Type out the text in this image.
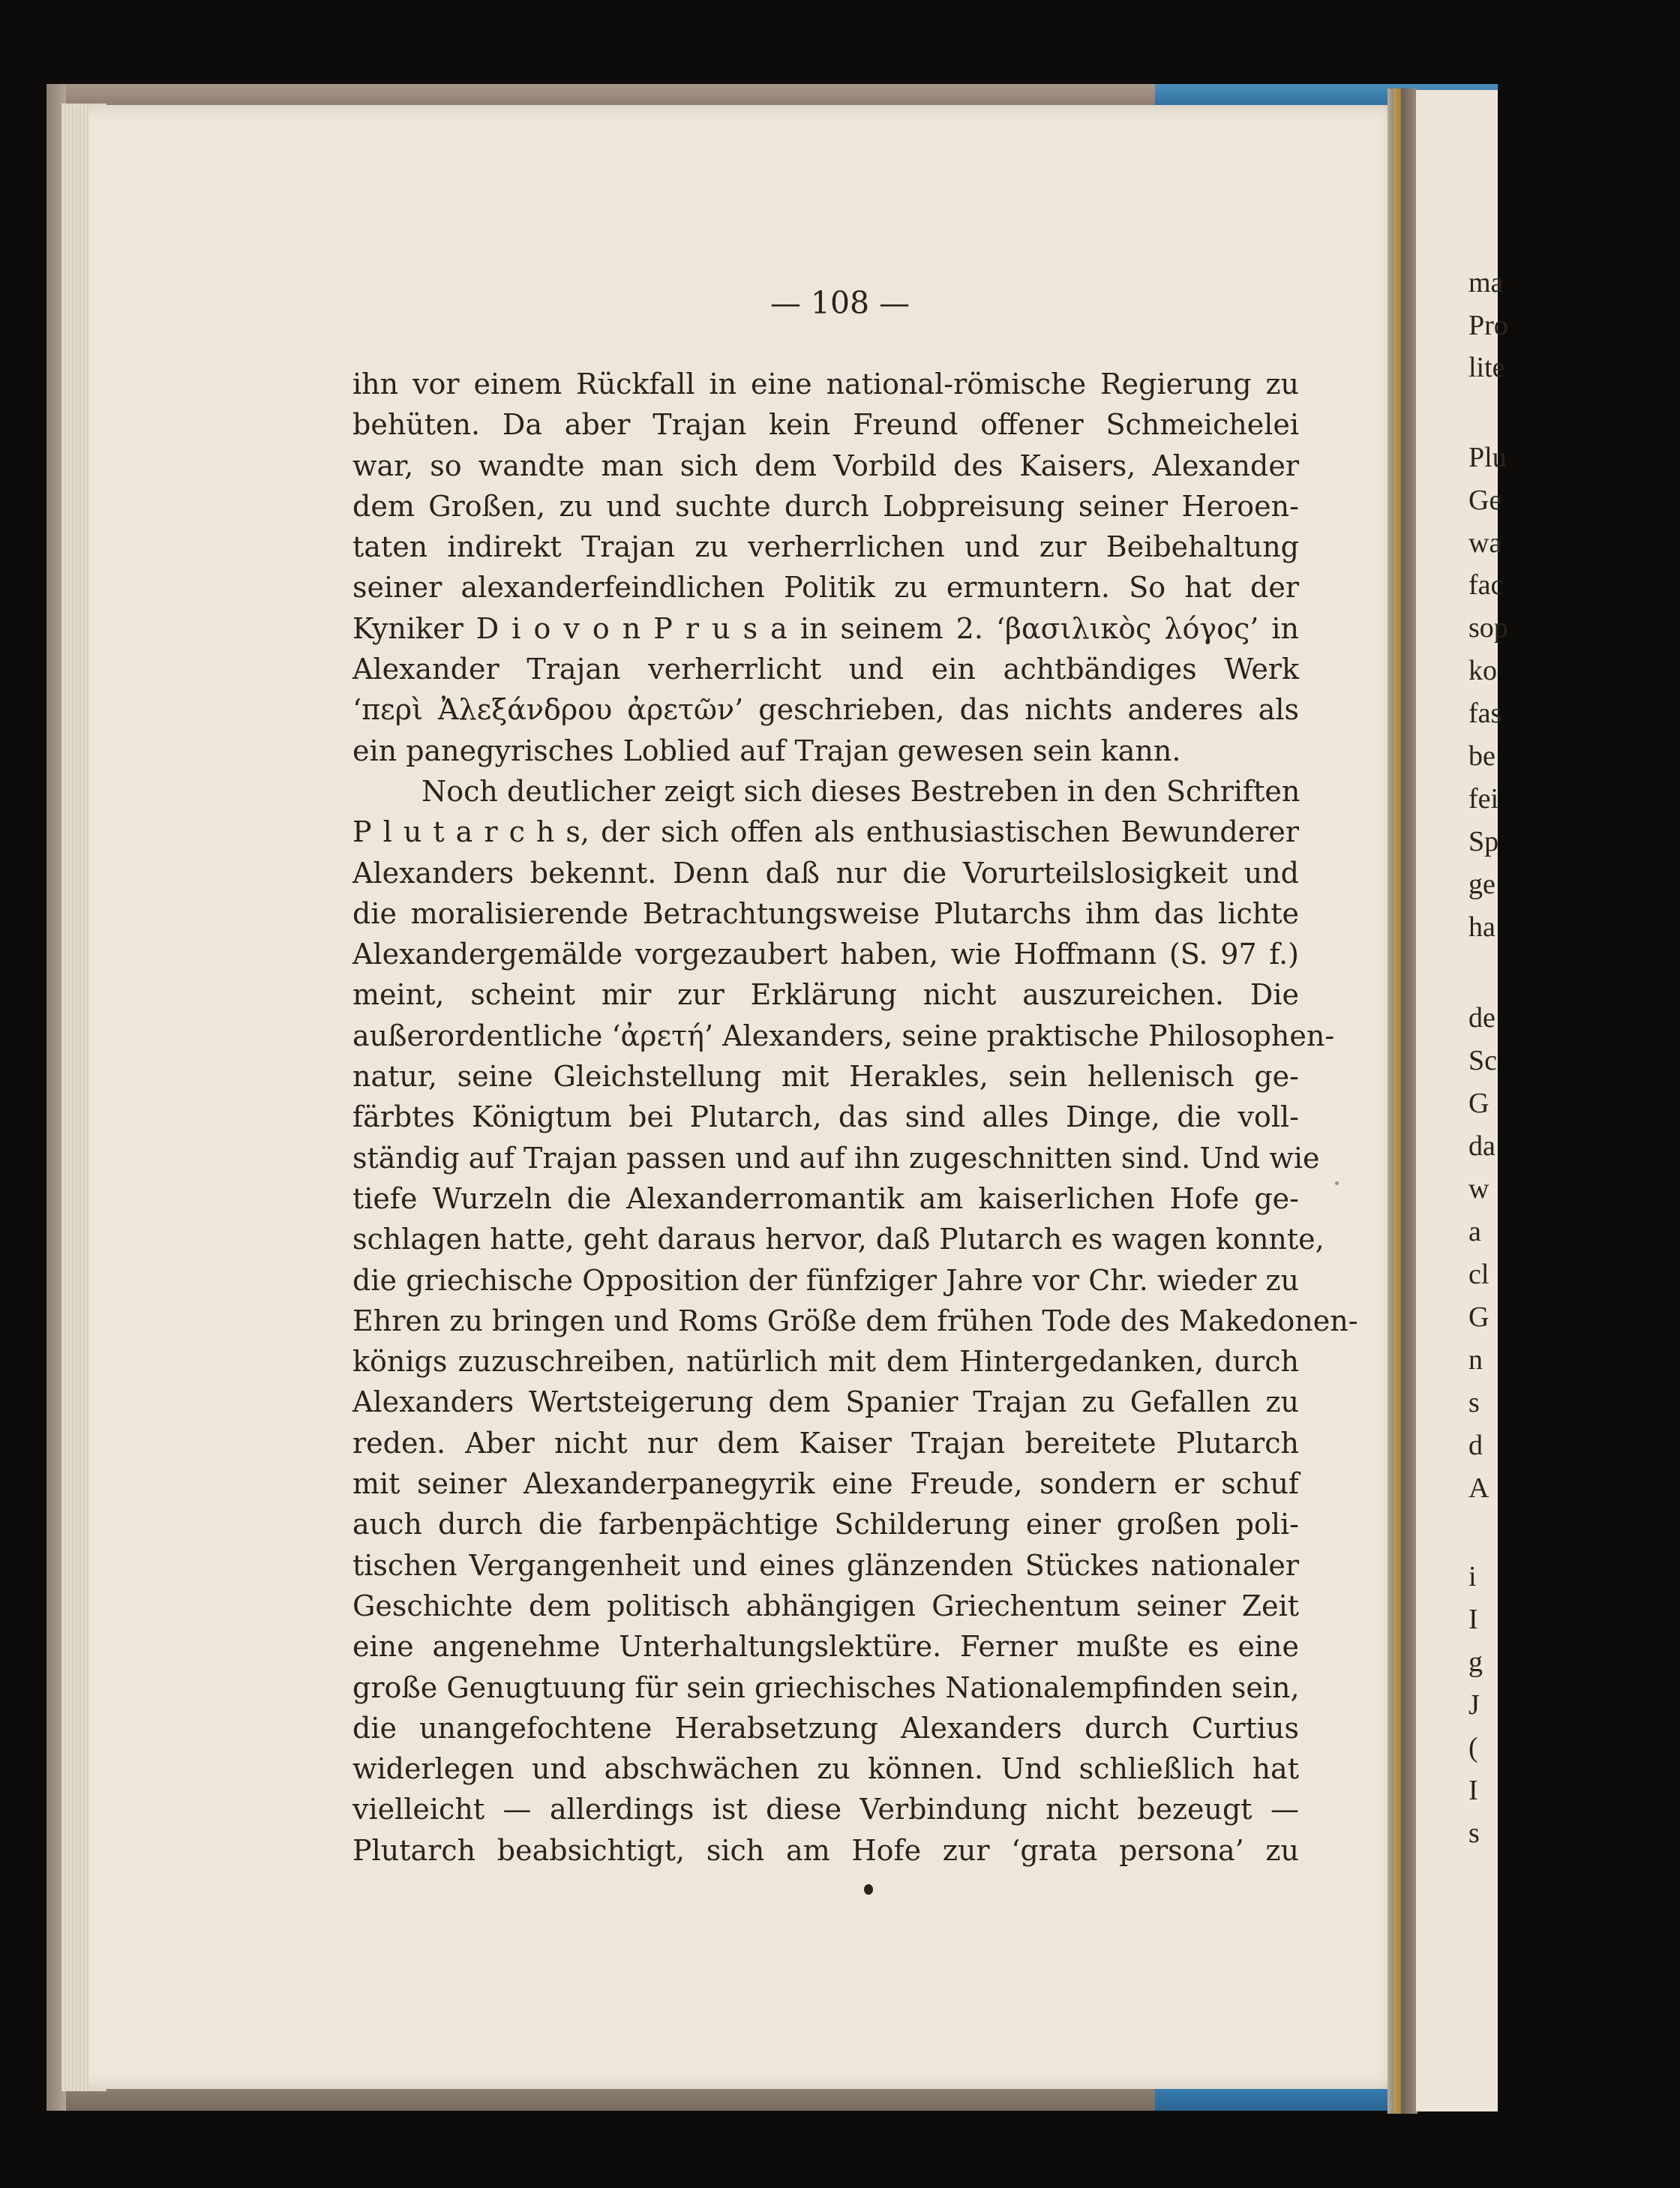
ma
Pro
lite
Plu
Ge
wa
fac
sop
ko
fas
be
fei
Sp
ge
ha
de
Sc
G
da
w
a
cl
G
n
s
d
A
i
I
g
J
(
I
s
— 108 —
ihn vor einem Rückfall in eine national-römische Regierung zu
behüten. Da aber Trajan kein Freund offener Schmeichelei
war, so wandte man sich dem Vorbild des Kaisers, Alexander
dem Großen, zu und suchte durch Lobpreisung seiner Heroen-
taten indirekt Trajan zu verherrlichen und zur Beibehaltung
seiner alexanderfeindlichen Politik zu ermuntern. So hat der
Kyniker D i o v o n P r u s a in seinem 2. ‘βασιλικὸς λόγος’ in
Alexander Trajan verherrlicht und ein achtbändiges Werk
‘περὶ Ἀλεξάνδρου ἀρετῶν’ geschrieben, das nichts anderes als
ein panegyrisches Loblied auf Trajan gewesen sein kann.
Noch deutlicher zeigt sich dieses Bestreben in den Schriften
P l u t a r c h s, der sich offen als enthusiastischen Bewunderer
Alexanders bekennt. Denn daß nur die Vorurteilslosigkeit und
die moralisierende Betrachtungsweise Plutarchs ihm das lichte
Alexandergemälde vorgezaubert haben, wie Hoffmann (S. 97 f.)
meint, scheint mir zur Erklärung nicht auszureichen. Die
außerordentliche ‘ἀρετή’ Alexanders, seine praktische Philosophen-
natur, seine Gleichstellung mit Herakles, sein hellenisch ge-
färbtes Königtum bei Plutarch, das sind alles Dinge, die voll-
ständig auf Trajan passen und auf ihn zugeschnitten sind. Und wie
tiefe Wurzeln die Alexanderromantik am kaiserlichen Hofe ge-
schlagen hatte, geht daraus hervor, daß Plutarch es wagen konnte,
die griechische Opposition der fünfziger Jahre vor Chr. wieder zu
Ehren zu bringen und Roms Größe dem frühen Tode des Makedonen-
königs zuzuschreiben, natürlich mit dem Hintergedanken, durch
Alexanders Wertsteigerung dem Spanier Trajan zu Gefallen zu
reden. Aber nicht nur dem Kaiser Trajan bereitete Plutarch
mit seiner Alexanderpanegyrik eine Freude, sondern er schuf
auch durch die farbenpächtige Schilderung einer großen poli-
tischen Vergangenheit und eines glänzenden Stückes nationaler
Geschichte dem politisch abhängigen Griechentum seiner Zeit
eine angenehme Unterhaltungslektüre. Ferner mußte es eine
große Genugtuung für sein griechisches Nationalempfinden sein,
die unangefochtene Herabsetzung Alexanders durch Curtius
widerlegen und abschwächen zu können. Und schließlich hat
vielleicht — allerdings ist diese Verbindung nicht bezeugt —
Plutarch beabsichtigt, sich am Hofe zur ‘grata persona’ zu
